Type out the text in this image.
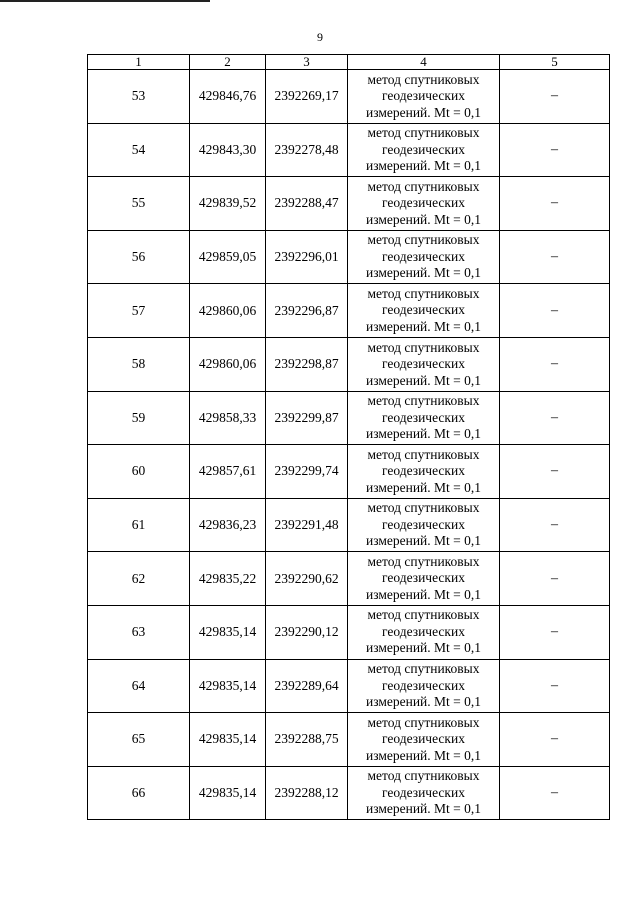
9
1	2	3	4	5
53	429846,76	2392269,17	метод спутниковых
геодезических
измерений. Mt = 0,1	–
54	429843,30	2392278,48	метод спутниковых
геодезических
измерений. Mt = 0,1	–
55	429839,52	2392288,47	метод спутниковых
геодезических
измерений. Mt = 0,1	–
56	429859,05	2392296,01	метод спутниковых
геодезических
измерений. Mt = 0,1	–
57	429860,06	2392296,87	метод спутниковых
геодезических
измерений. Mt = 0,1	–
58	429860,06	2392298,87	метод спутниковых
геодезических
измерений. Mt = 0,1	–
59	429858,33	2392299,87	метод спутниковых
геодезических
измерений. Mt = 0,1	–
60	429857,61	2392299,74	метод спутниковых
геодезических
измерений. Mt = 0,1	–
61	429836,23	2392291,48	метод спутниковых
геодезических
измерений. Mt = 0,1	–
62	429835,22	2392290,62	метод спутниковых
геодезических
измерений. Mt = 0,1	–
63	429835,14	2392290,12	метод спутниковых
геодезических
измерений. Mt = 0,1	–
64	429835,14	2392289,64	метод спутниковых
геодезических
измерений. Mt = 0,1	–
65	429835,14	2392288,75	метод спутниковых
геодезических
измерений. Mt = 0,1	–
66	429835,14	2392288,12	метод спутниковых
геодезических
измерений. Mt = 0,1	–
